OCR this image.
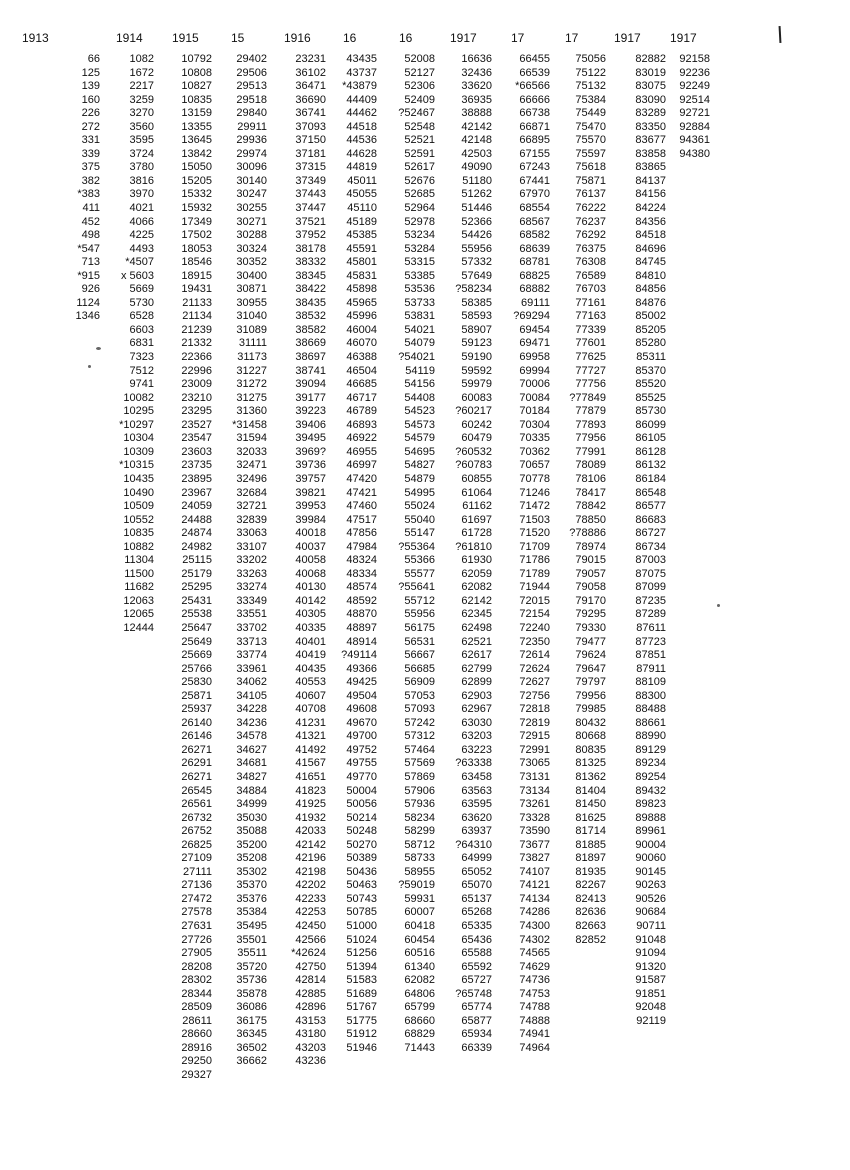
1913
66
125
139
160
226
272
331
339
375
382
*383
411
452
498
*547
713
*915
926
1124
1346
1914
1082
1672
2217
3259
3270
3560
3595
3724
3780
3816
3970
4021
4066
4225
4493
*4507
x 5603
5669
5730
6528
6603
6831
7323
7512
9741
10082
10295
*10297
10304
10309
*10315
10435
10490
10509
10552
10835
10882
11304
11500
11682
12063
12065
12444
1915
10792
10808
10827
10835
13159
13355
13645
13842
15050
15205
15332
15932
17349
17502
18053
18546
18915
19431
21133
21134
21239
21332
22366
22996
23009
23210
23295
23527
23547
23603
23735
23895
23967
24059
24488
24874
24982
25115
25179
25295
25431
25538
25647
25649
25669
25766
25830
25871
25937
26140
26146
26271
26291
26271
26545
26561
26732
26752
26825
27109
27111
27136
27472
27578
27631
27726
27905
28208
28302
28344
28509
28611
28660
28916
29250
29327
15
29402
29506
29513
29518
29840
29911
29936
29974
30096
30140
30247
30255
30271
30288
30324
30352
30400
30871
30955
31040
31089
31111
31173
31227
31272
31275
31360
*31458
31594
32033
32471
32496
32684
32721
32839
33063
33107
33202
33263
33274
33349
33551
33702
33713
33774
33961
34062
34105
34228
34236
34578
34627
34681
34827
34884
34999
35030
35088
35200
35208
35302
35370
35376
35384
35495
35501
35511
35720
35736
35878
36086
36175
36345
36502
36662
1916
23231
36102
36471
36690
36741
37093
37150
37181
37315
37349
37443
37447
37521
37952
38178
38332
38345
38422
38435
38532
38582
38669
38697
38741
39094
39177
39223
39406
39495
3969?
39736
39757
39821
39953
39984
40018
40037
40058
40068
40130
40142
40305
40335
40401
40419
40435
40553
40607
40708
41231
41321
41492
41567
41651
41823
41925
41932
42033
42142
42196
42198
42202
42233
42253
42450
42566
*42624
42750
42814
42885
42896
43153
43180
43203
43236
16
43435
43737
*43879
44409
44462
44518
44536
44628
44819
45011
45055
45110
45189
45385
45591
45801
45831
45898
45965
45996
46004
46070
46388
46504
46685
46717
46789
46893
46922
46955
46997
47420
47421
47460
47517
47856
47984
48324
48334
48574
48592
48870
48897
48914
?49114
49366
49425
49504
49608
49670
49700
49752
49755
49770
50004
50056
50214
50248
50270
50389
50436
50463
50743
50785
51000
51024
51256
51394
51583
51689
51767
51775
51912
51946
16
52008
52127
52306
52409
?52467
52548
52521
52591
52617
52676
52685
52964
52978
53234
53284
53315
53385
53536
53733
53831
54021
54079
?54021
54119
54156
54408
54523
54573
54579
54695
54827
54879
54995
55024
55040
55147
?55364
55366
55577
?55641
55712
55956
56175
56531
56667
56685
56909
57053
57093
57242
57312
57464
57569
57869
57906
57936
58234
58299
58712
58733
58955
?59019
59931
60007
60418
60454
60516
61340
62082
64806
65799
68660
68829
71443
1917
16636
32436
33620
36935
38888
42142
42148
42503
49090
51180
51262
51446
52366
54426
55956
57332
57649
?58234
58385
58593
58907
59123
59190
59592
59979
60083
?60217
60242
60479
?60532
?60783
60855
61064
61162
61697
61728
?61810
61930
62059
62082
62142
62345
62498
62521
62617
62799
62899
62903
62967
63030
63203
63223
?63338
63458
63563
63595
63620
63937
?64310
64999
65052
65070
65137
65268
65335
65436
65588
65592
65727
?65748
65774
65877
65934
66339
17
66455
66539
*66566
66666
66738
66871
66895
67155
67243
67441
67970
68554
68567
68582
68639
68781
68825
68882
69111
?69294
69454
69471
69958
69994
70006
70084
70184
70304
70335
70362
70657
70778
71246
71472
71503
71520
71709
71786
71789
71944
72015
72154
72240
72350
72614
72624
72627
72756
72818
72819
72915
72991
73065
73131
73134
73261
73328
73590
73677
73827
74107
74121
74134
74286
74300
74302
74565
74629
74736
74753
74788
74888
74941
74964
17
75056
75122
75132
75384
75449
75470
75570
75597
75618
75871
76137
76222
76237
76292
76375
76308
76589
76703
77161
77163
77339
77601
77625
77727
77756
?77849
77879
77893
77956
77991
78089
78106
78417
78842
78850
?78886
78974
79015
79057
79058
79170
79295
79330
79477
79624
79647
79797
79956
79985
80432
80668
80835
81325
81362
81404
81450
81625
81714
81885
81897
81935
82267
82413
82636
82663
82852
1917
82882
83019
83075
83090
83289
83350
83677
83858
83865
84137
84156
84224
84356
84518
84696
84745
84810
84856
84876
85002
85205
85280
85311
85370
85520
85525
85730
86099
86105
86128
86132
86184
86548
86577
86683
86727
86734
87003
87075
87099
87235
87289
87611
87723
87851
87911
88109
88300
88488
88661
88990
89129
89234
89254
89432
89823
89888
89961
90004
90060
90145
90263
90526
90684
90711
91048
91094
91320
91587
91851
92048
92119
1917
92158
92236
92249
92514
92721
92884
94361
94380
